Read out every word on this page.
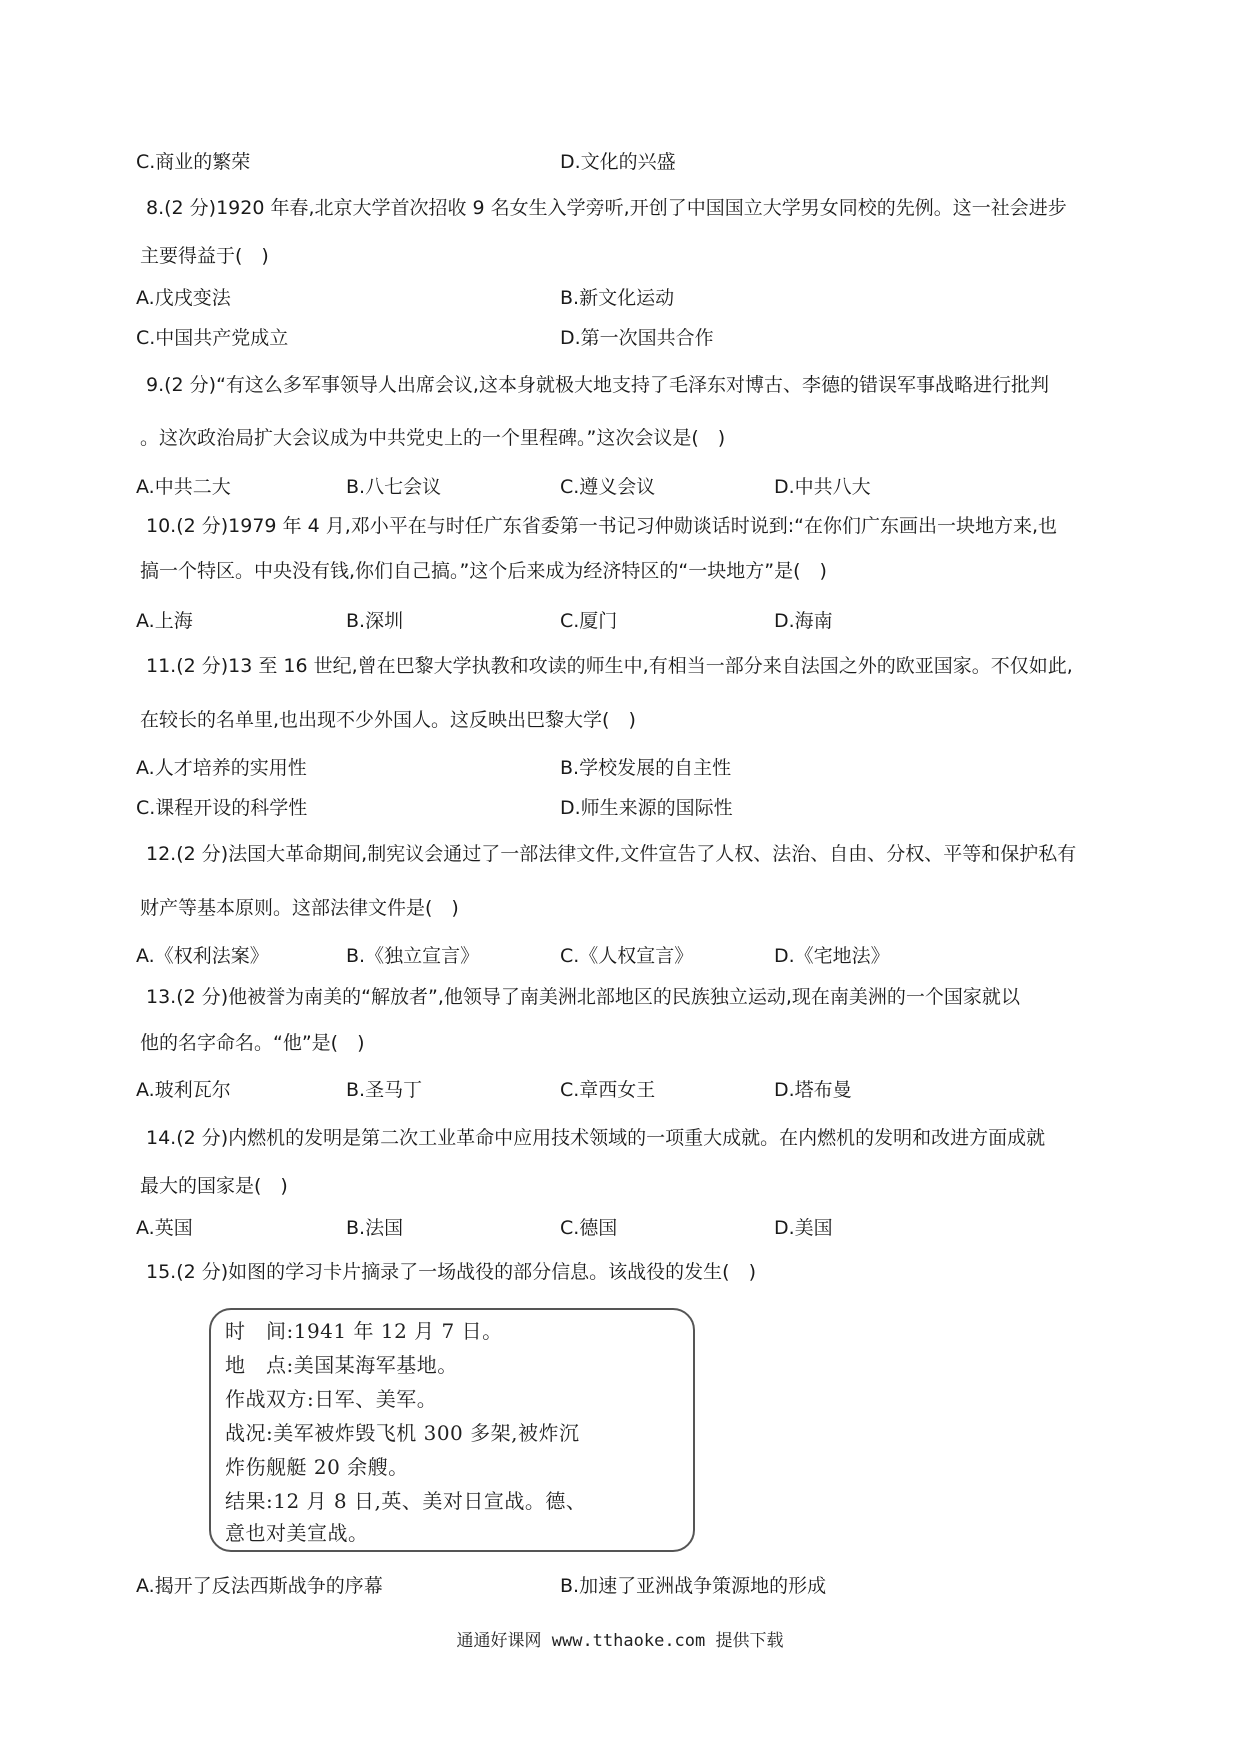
C.商业的繁荣	D.文化的兴盛
8.(2 分)1920 年春,北京大学首次招收 9 名女生入学旁听,开创了中国国立大学男女同校的先例。这一社会进步
主要得益于(　)
A.戊戌变法	B.新文化运动
C.中国共产党成立	D.第一次国共合作
9.(2 分)“有这么多军事领导人出席会议,这本身就极大地支持了毛泽东对博古、李德的错误军事战略进行批判
。这次政治局扩大会议成为中共党史上的一个里程碑。”这次会议是(　)
A.中共二大	B.八七会议	C.遵义会议	D.中共八大
10.(2 分)1979 年 4 月,邓小平在与时任广东省委第一书记习仲勋谈话时说到:“在你们广东画出一块地方来,也
搞一个特区。中央没有钱,你们自己搞。”这个后来成为经济特区的“一块地方”是(　)
A.上海	B.深圳	C.厦门	D.海南
11.(2 分)13 至 16 世纪,曾在巴黎大学执教和攻读的师生中,有相当一部分来自法国之外的欧亚国家。不仅如此,
在较长的名单里,也出现不少外国人。这反映出巴黎大学(　)
A.人才培养的实用性	B.学校发展的自主性
C.课程开设的科学性	D.师生来源的国际性
12.(2 分)法国大革命期间,制宪议会通过了一部法律文件,文件宣告了人权、法治、自由、分权、平等和保护私有
财产等基本原则。这部法律文件是(　)
A.《权利法案》	B.《独立宣言》	C.《人权宣言》	D.《宅地法》
13.(2 分)他被誉为南美的“解放者”,他领导了南美洲北部地区的民族独立运动,现在南美洲的一个国家就以
他的名字命名。“他”是(　)
A.玻利瓦尔	B.圣马丁	C.章西女王	D.塔布曼
14.(2 分)内燃机的发明是第二次工业革命中应用技术领域的一项重大成就。在内燃机的发明和改进方面成就
最大的国家是(　)
A.英国	B.法国	C.德国	D.美国
15.(2 分)如图的学习卡片摘录了一场战役的部分信息。该战役的发生(　)
时　间:1941 年 12 月 7 日。
地　点:美国某海军基地。
作战双方:日军、美军。
战况:美军被炸毁飞机 300 多架,被炸沉
炸伤舰艇 20 余艘。
结果:12 月 8 日,英、美对日宣战。德、
意也对美宣战。
A.揭开了反法西斯战争的序幕	B.加速了亚洲战争策源地的形成
通通好课网 www.tthaoke.com 提供下载
